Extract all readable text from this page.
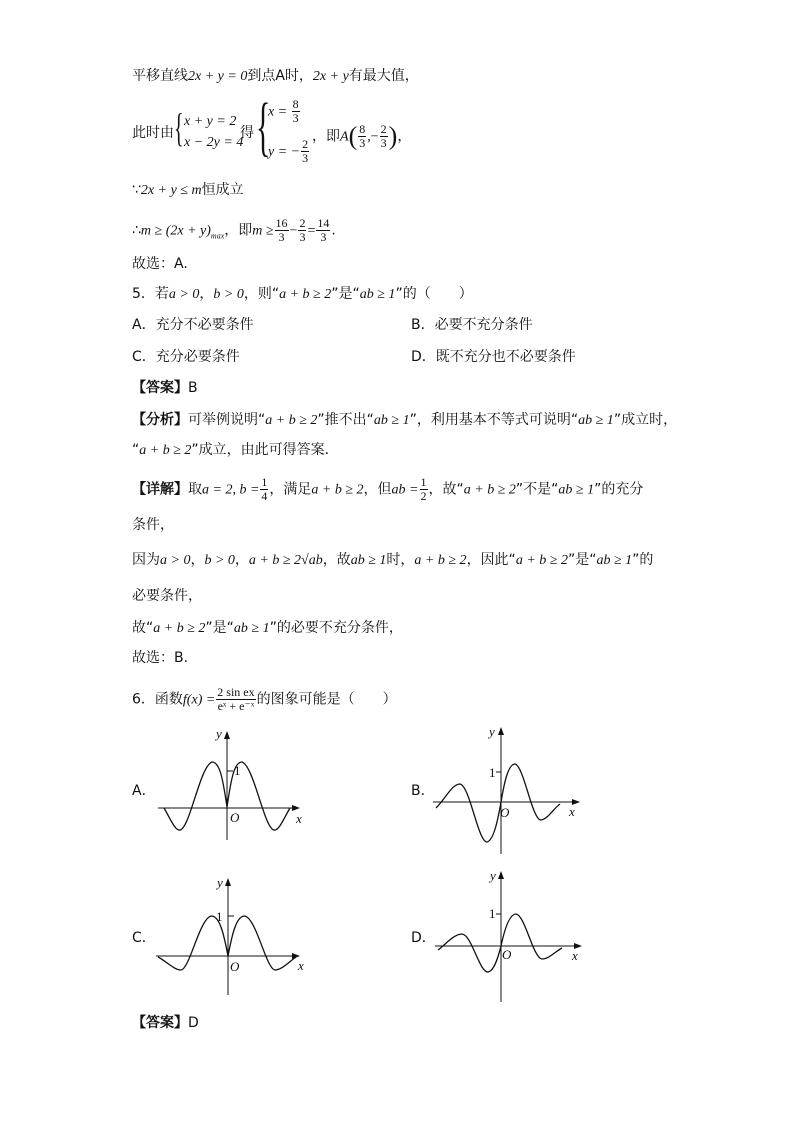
平移直线2x + y = 0到点A时，2x + y有最大值，
此时由 { x + y = 2
x − 2y = 4
得 {
$x = \frac{8}{3}$
y = − $\frac{2}{3}$
，即$A( \frac{8}{3}$ ,− $\frac{2}{3}$ )，
∵2x + y ≤ m恒成立
∴m ≥ $(2x + y)_{max}$，即$m \ge \frac{16}{3} - \frac{2}{3} = \frac{14}{3}$ .
故选：A.
5．若a > 0，b > 0，则“a + b ≥ 2”是“ab ≥ 1”的（　　）
A．充分不必要条件	B．必要不充分条件
C．充分必要条件	D．既不充分也不必要条件
【答案】B
【分析】可举例说明“a + b ≥ 2”推不出“ab ≥ 1”，利用基本不等式可说明“ab ≥ 1”成立时，
“a + b ≥ 2”成立，由此可得答案.
【详解】取a = 2, $b = \frac{1}{4}$ ，满足a + b ≥ 2，但ab = $\frac{1}{2}$ ，故“a + b ≥ 2”不是“ab ≥ 1”的充分
条件，
因为a > 0，b > 0，a + b ≥ 2√ab，故ab ≥ 1时，a + b ≥ 2，因此“a + b ≥ 2”是“ab ≥ 1”的
必要条件，
故“a + b ≥ 2”是“ab ≥ 1”的必要不充分条件，
故选：B.
6．函数$f(x) = \frac{\text{2 sin ex}}{\text{eˣ + e⁻ˣ}}$ 的图象可能是（　　）
A．
y
x
O
1
B．
y
x
O
1
C．
y
x
O
1
D．
y
x
O
1
【答案】D
